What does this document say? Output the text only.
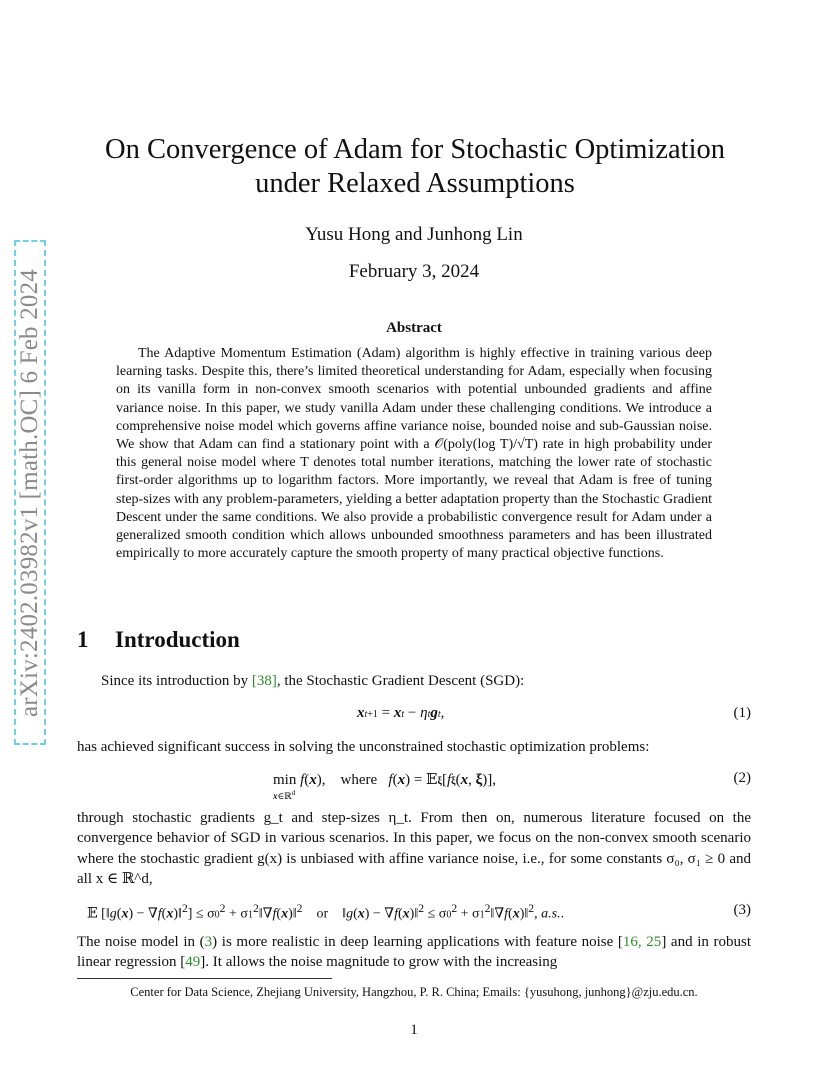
arXiv:2402.03982v1 [math.OC] 6 Feb 2024
On Convergence of Adam for Stochastic Optimization under Relaxed Assumptions
Yusu Hong and Junhong Lin
February 3, 2024
Abstract
The Adaptive Momentum Estimation (Adam) algorithm is highly effective in training various deep learning tasks. Despite this, there’s limited theoretical understanding for Adam, especially when focusing on its vanilla form in non-convex smooth scenarios with potential unbounded gradients and affine variance noise. In this paper, we study vanilla Adam under these challenging conditions. We introduce a comprehensive noise model which governs affine variance noise, bounded noise and sub-Gaussian noise. We show that Adam can find a stationary point with a 𝒪(poly(log T)/√T) rate in high probability under this general noise model where T denotes total number iterations, matching the lower rate of stochastic first-order algorithms up to logarithm factors. More importantly, we reveal that Adam is free of tuning step-sizes with any problem-parameters, yielding a better adaptation property than the Stochastic Gradient Descent under the same conditions. We also provide a probabilistic convergence result for Adam under a generalized smooth condition which allows unbounded smoothness parameters and has been illustrated empirically to more accurately capture the smooth property of many practical objective functions.
1 Introduction
Since its introduction by [38], the Stochastic Gradient Descent (SGD):
xt+1 = xt − ηtgt,	(1)
has achieved significant success in solving the unconstrained stochastic optimization problems:
min f(x),    where   f(x) = 𝔼ξ[fξ(x, ξ)],
x∈ℝ$^d$
(2)
through stochastic gradients g_t and step-sizes η_t. From then on, numerous literature focused on the convergence behavior of SGD in various scenarios. In this paper, we focus on the non-convex smooth scenario where the stochastic gradient g(x) is unbiased with affine variance noise, i.e., for some constants σ₀, σ₁ ≥ 0 and all x ∈ ℝ^d,
𝔼 [‖g(x) − ∇f(x)‖$^2$] ≤ $\sigma 0^2$ + $\sigma 1^2‖\nabla f(x)‖^2$    or    ‖g(x) − ∇f(x)‖$^2$ ≤ $\sigma 0^2$ + $\sigma 1^2‖\nabla f(x)‖^2$, a.s..	(3)
The noise model in (3) is more realistic in deep learning applications with feature noise [16, 25] and in robust linear regression [49]. It allows the noise magnitude to grow with the increasing
Center for Data Science, Zhejiang University, Hangzhou, P. R. China; Emails: {yusuhong, junhong}@zju.edu.cn.
1
